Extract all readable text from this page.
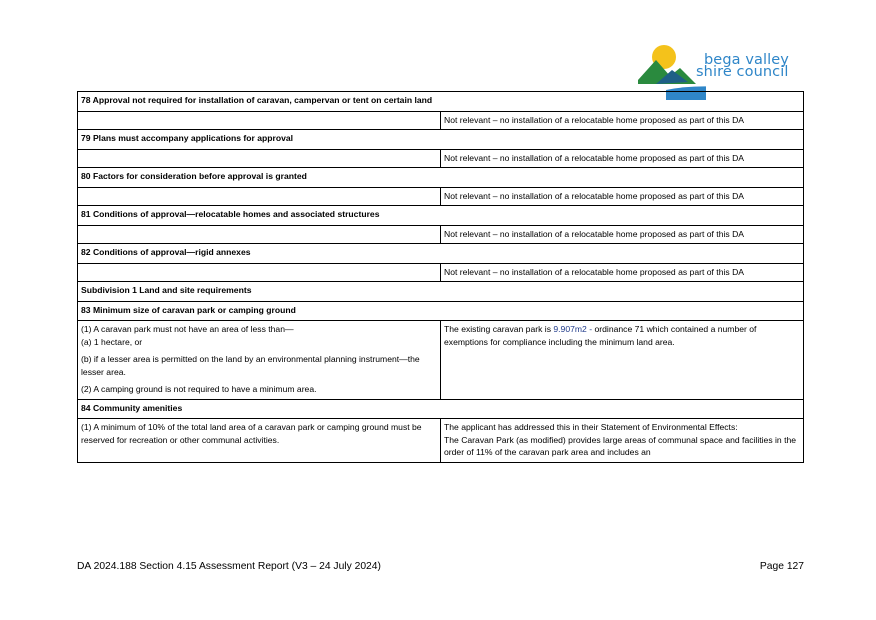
bega valley
shire council
78 Approval not required for installation of caravan, campervan or tent on certain land	
	Not relevant – no installation of a relocatable home proposed as part of this DA
79 Plans must accompany applications for approval	
	Not relevant – no installation of a relocatable home proposed as part of this DA
80 Factors for consideration before approval is granted	
	Not relevant – no installation of a relocatable home proposed as part of this DA
81 Conditions of approval—relocatable homes and associated structures	
	Not relevant – no installation of a relocatable home proposed as part of this DA
82 Conditions of approval—rigid annexes	
	Not relevant – no installation of a relocatable home proposed as part of this DA
Subdivision 1 Land and site requirements	
83 Minimum size of caravan park or camping ground	

(1) A caravan park must not have an area of less than—

(a) 1 hectare, or

(b) if a lesser area is permitted on the land by an environmental planning instrument—the lesser area.

(2) A camping ground is not required to have a minimum area.	The existing caravan park is 9.907m2 - ordinance 71 which contained a number of exemptions for compliance including the minimum land area.
84 Community amenities	
(1) A minimum of 10% of the total land area of a caravan park or camping ground must be reserved for recreation or other communal activities.	The applicant has addressed this in their Statement of Environmental Effects:

The Caravan Park (as modified) provides large areas of communal space and facilities in the order of 11% of the caravan park area and includes an

DA 2024.188 Section 4.15 Assessment Report (V3 – 24 July 2024)	Page 127
